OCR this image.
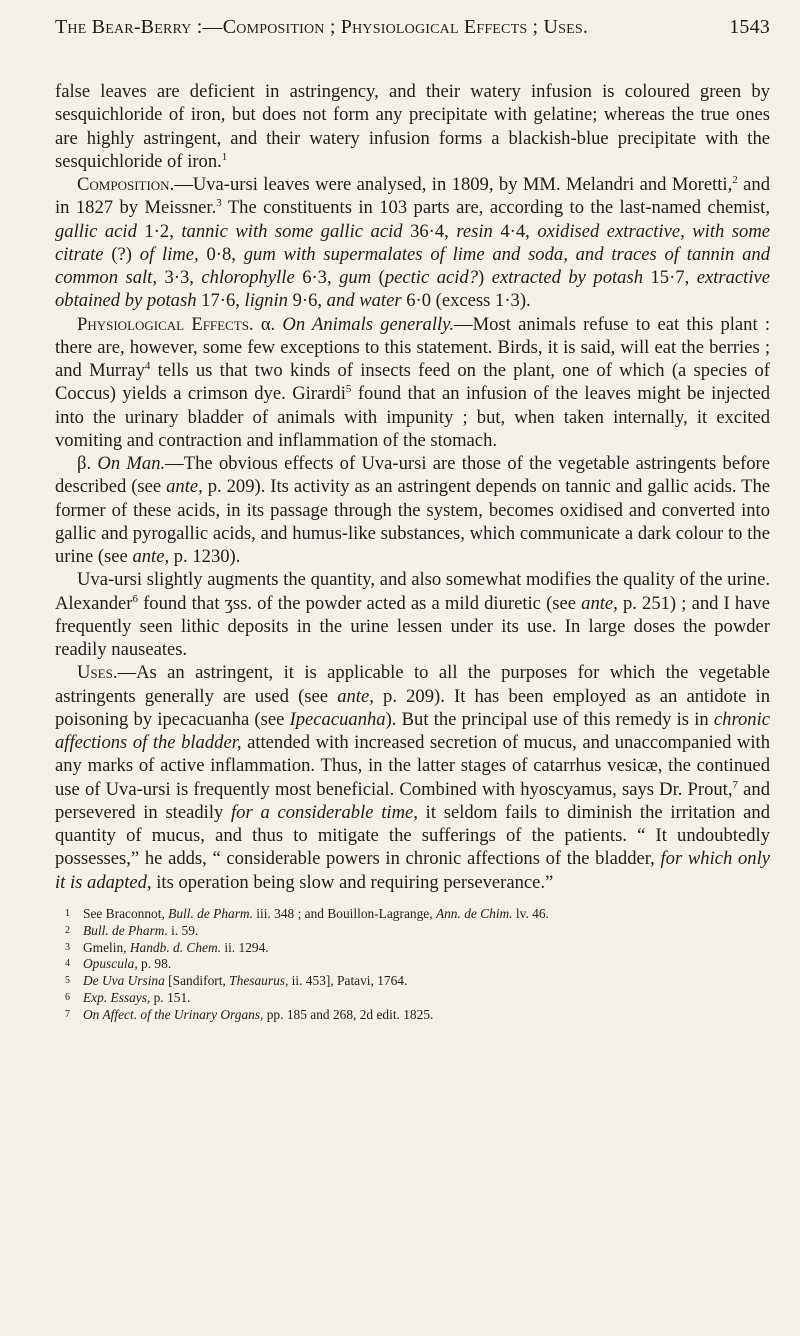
The Bear-Berry :—Composition ; Physiological Effects ; Uses.	1543

false leaves are deficient in astringency, and their watery infusion is coloured green by sesquichloride of iron, but does not form any precipitate with gelatine; whereas the true ones are highly astringent, and their watery infusion forms a blackish-blue precipitate with the sesquichloride of iron.$^1$

Composition.—Uva-ursi leaves were analysed, in 1809, by MM. Melandri and Moretti,$^2$ and in 1827 by Meissner.$^3$ The constituents in 103 parts are, according to the last-named chemist, gallic acid 1·2, tannic with some gallic acid 36·4, resin 4·4, oxidised extractive, with some citrate (?) of lime, 0·8, gum with supermalates of lime and soda, and traces of tannin and common salt, 3·3, chlorophylle 6·3, gum (pectic acid?) extracted by potash 15·7, extractive obtained by potash 17·6, lignin 9·6, and water 6·0 (excess 1·3).

Physiological Effects. α. On Animals generally.—Most animals refuse to eat this plant : there are, however, some few exceptions to this statement. Birds, it is said, will eat the berries ; and Murray$^4$ tells us that two kinds of insects feed on the plant, one of which (a species of Coccus) yields a crimson dye. Girardi$^5$ found that an infusion of the leaves might be injected into the urinary bladder of animals with impunity ; but, when taken internally, it excited vomiting and contraction and inflammation of the stomach.

β. On Man.—The obvious effects of Uva-ursi are those of the vegetable astringents before described (see ante, p. 209). Its activity as an astringent depends on tannic and gallic acids. The former of these acids, in its passage through the system, becomes oxidised and converted into gallic and pyrogallic acids, and humus-like substances, which communicate a dark colour to the urine (see ante, p. 1230).

Uva-ursi slightly augments the quantity, and also somewhat modifies the quality of the urine. Alexander$^6$ found that ʒss. of the powder acted as a mild diuretic (see ante, p. 251) ; and I have frequently seen lithic deposits in the urine lessen under its use. In large doses the powder readily nauseates.

Uses.—As an astringent, it is applicable to all the purposes for which the vegetable astringents generally are used (see ante, p. 209). It has been employed as an antidote in poisoning by ipecacuanha (see Ipecacuanha). But the principal use of this remedy is in chronic affections of the bladder, attended with increased secretion of mucus, and unaccompanied with any marks of active inflammation. Thus, in the latter stages of catarrhus vesicæ, the continued use of Uva-ursi is frequently most beneficial. Combined with hyoscyamus, says Dr. Prout,$^7$ and persevered in steadily for a considerable time, it seldom fails to diminish the irritation and quantity of mucus, and thus to mitigate the sufferings of the patients. “ It undoubtedly possesses,” he adds, “ considerable powers in chronic affections of the bladder, for which only it is adapted, its operation being slow and requiring perseverance.”

1 See Braconnot, Bull. de Pharm. iii. 348 ; and Bouillon-Lagrange, Ann. de Chim. lv. 46.
2 Bull. de Pharm. i. 59.
3 Gmelin, Handb. d. Chem. ii. 1294.
4 Opuscula, p. 98.
5 De Uva Ursina [Sandifort, Thesaurus, ii. 453], Patavi, 1764.
6 Exp. Essays, p. 151.
7 On Affect. of the Urinary Organs, pp. 185 and 268, 2d edit. 1825.
